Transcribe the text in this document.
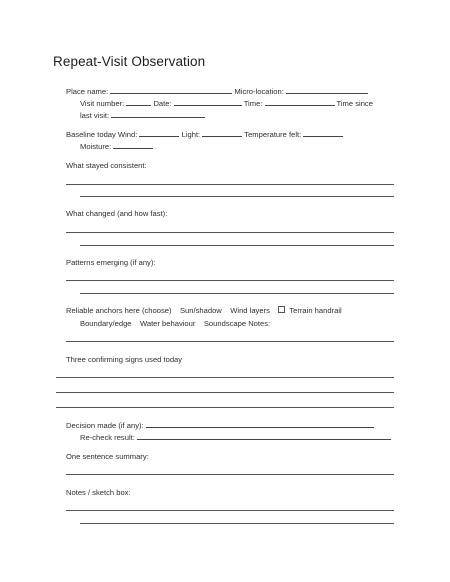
Repeat-Visit Observation
Place name:	Micro-location:
Visit number:	Date:	Time:	Time since
last visit:
Baseline today Wind:	Light:	Temperature felt:
Moisture:
What stayed consistent:
What changed (and how fast):
Patterns emerging (if any):
Reliable anchors here (choose) Sun/shadow Wind layers	Terrain handrail
Boundary/edge Water behaviour Soundscape Notes:
Three confirming signs used today
Decision made (if any):
Re-check result:
One sentence summary:
Notes / sketch box:
